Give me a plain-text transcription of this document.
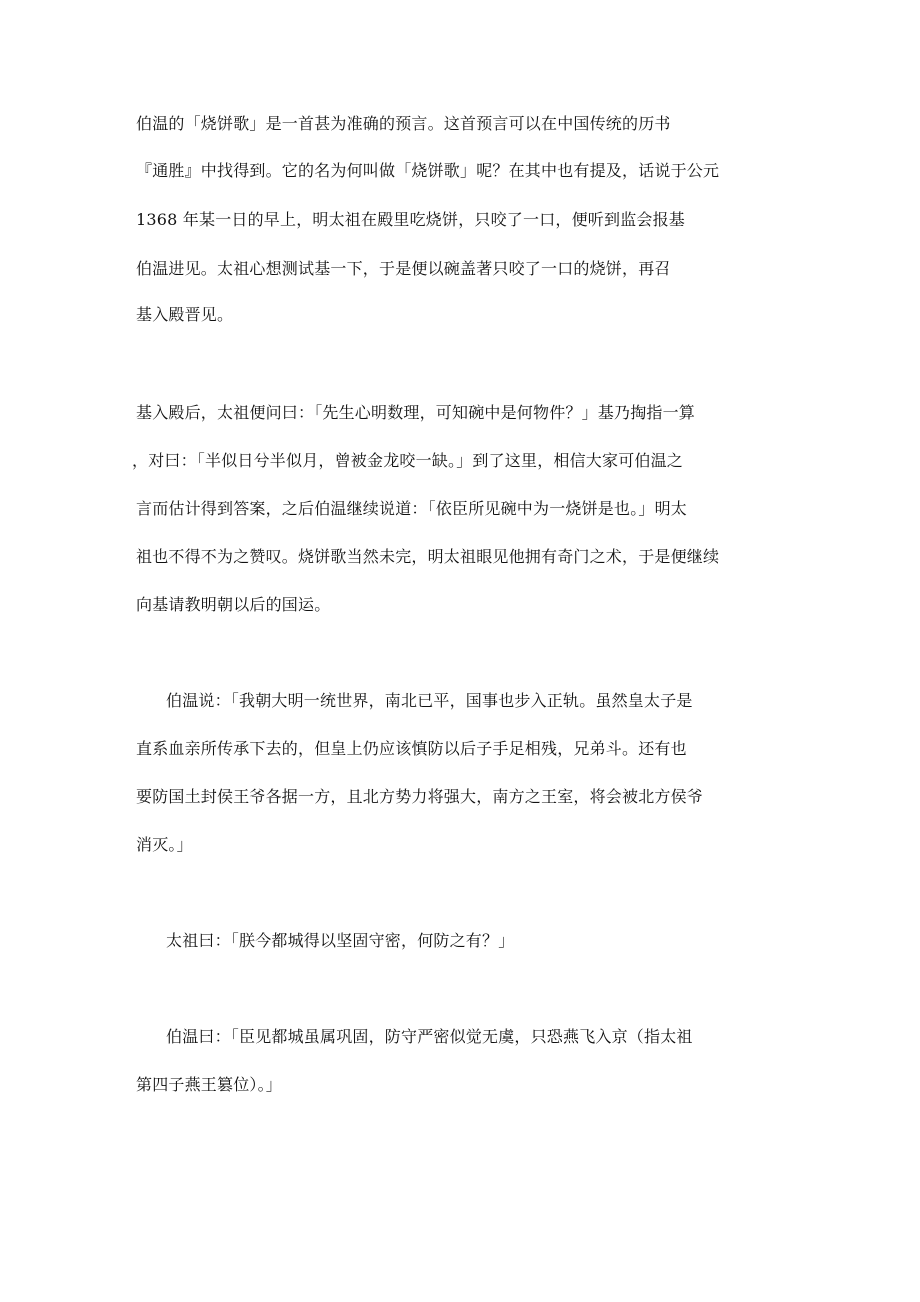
伯温的「烧饼歌」是一首甚为准确的预言。这首预言可以在中国传统的历书
『通胜』中找得到。它的名为何叫做「烧饼歌」呢？在其中也有提及，话说于公元
1368 年某一日的早上，明太祖在殿里吃烧饼，只咬了一口，便听到监会报基
伯温进见。太祖心想测试基一下，于是便以碗盖著只咬了一口的烧饼，再召
基入殿晋见。
基入殿后，太祖便问曰：「先生心明数理，可知碗中是何物件？」基乃掏指一算
，对曰：「半似日兮半似月，曾被金龙咬一缺。」到了这里，相信大家可伯温之
言而估计得到答案，之后伯温继续说道：「依臣所见碗中为一烧饼是也。」明太
祖也不得不为之赞叹。烧饼歌当然未完，明太祖眼见他拥有奇门之术，于是便继续
向基请教明朝以后的国运。
伯温说：「我朝大明一统世界，南北已平，国事也步入正轨。虽然皇太子是
直系血亲所传承下去的，但皇上仍应该慎防以后子手足相残，兄弟斗。还有也
要防国土封侯王爷各据一方，且北方势力将强大，南方之王室，将会被北方侯爷
消灭。」
太祖曰：「朕今都城得以坚固守密，何防之有？」
伯温曰：「臣见都城虽属巩固，防守严密似觉无虞，只恐燕飞入京（指太祖
第四子燕王篡位）。」
